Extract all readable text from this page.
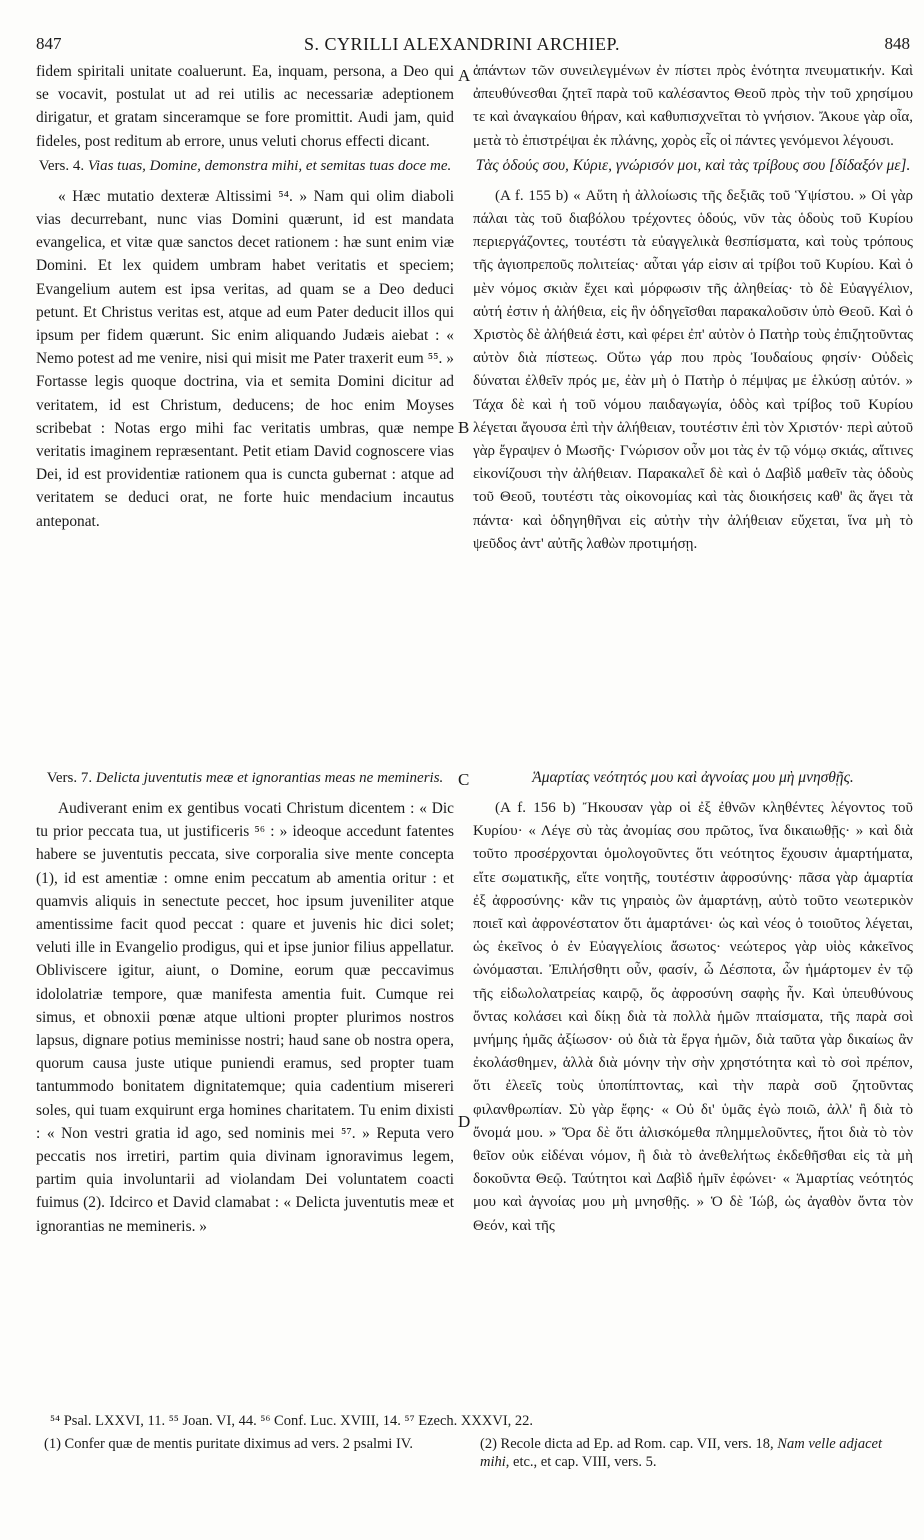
847	S. CYRILLI ALEXANDRINI ARCHIEP.	848

fidem spiritali unitate coaluerunt. Ea, inquam, persona, a Deo qui se vocavit, postulat ut ad rei utilis ac necessariæ adeptionem dirigatur, et gratam sinceramque se fore promittit. Audi jam, quid fideles, post reditum ab errore, unus veluti chorus effecti dicant.

Vers. 4. Vias tuas, Domine, demonstra mihi, et semitas tuas doce me.

« Hæc mutatio dexteræ Altissimi ⁵⁴. » Nam qui olim diaboli vias decurrebant, nunc vias Domini quærunt, id est mandata evangelica, et vitæ quæ sanctos decet rationem : hæ sunt enim viæ Domini. Et lex quidem umbram habet veritatis et speciem; Evangelium autem est ipsa veritas, ad quam se a Deo deduci petunt. Et Christus veritas est, atque ad eum Pater deducit illos qui ipsum per fidem quærunt. Sic enim aliquando Judæis aiebat : « Nemo potest ad me venire, nisi qui misit me Pater traxerit eum ⁵⁵. » Fortasse legis quoque doctrina, via et semita Domini dicitur ad veritatem, id est Christum, deducens; de hoc enim Moyses scribebat : Notas ergo mihi fac veritatis umbras, quæ nempe veritatis imaginem repræsentant. Petit etiam David cognoscere vias Dei, id est providentiæ rationem qua is cuncta gubernat : atque ad veritatem se deduci orat, ne forte huic mendacium incautus anteponat.

ἁπάντων τῶν συνειλεγμένων ἐν πίστει πρὸς ἑνότητα πνευματικήν. Καὶ ἀπευθύνεσθαι ζητεῖ παρὰ τοῦ καλέσαντος Θεοῦ πρὸς τὴν τοῦ χρησίμου τε καὶ ἀναγκαίου θήραν, καὶ καθυπισχνεῖται τὸ γνήσιον. Ἄκουε γὰρ οἷα, μετὰ τὸ ἐπιστρέψαι ἐκ πλάνης, χορὸς εἷς οἱ πάντες γενόμενοι λέγουσι.

Τὰς ὁδούς σου, Κύριε, γνώρισόν μοι, καὶ τὰς τρίβους σου [δίδαξόν με].

(A f. 155 b) « Αὕτη ἡ ἀλλοίωσις τῆς δεξιᾶς τοῦ Ὑψίστου. » Οἱ γὰρ πάλαι τὰς τοῦ διαβόλου τρέχοντες ὁδούς, νῦν τὰς ὁδοὺς τοῦ Κυρίου περιεργάζοντες, τουτέστι τὰ εὐαγγελικὰ θεσπίσματα, καὶ τοὺς τρόπους τῆς ἁγιοπρεποῦς πολιτείας· αὗται γάρ εἰσιν αἱ τρίβοι τοῦ Κυρίου. Καὶ ὁ μὲν νόμος σκιὰν ἔχει καὶ μόρφωσιν τῆς ἀληθείας· τὸ δὲ Εὐαγγέλιον, αὐτή ἐστιν ἡ ἀλήθεια, εἰς ἣν ὁδηγεῖσθαι παρακαλοῦσιν ὑπὸ Θεοῦ. Καὶ ὁ Χριστὸς δὲ ἀλήθειά ἐστι, καὶ φέρει ἐπ' αὐτὸν ὁ Πατὴρ τοὺς ἐπιζητοῦντας αὐτὸν διὰ πίστεως. Οὕτω γάρ που πρὸς Ἰουδαίους φησίν· Οὐδεὶς δύναται ἐλθεῖν πρός με, ἐὰν μὴ ὁ Πατὴρ ὁ πέμψας με ἑλκύσῃ αὐτόν. » Τάχα δὲ καὶ ἡ τοῦ νόμου παιδαγωγία, ὁδὸς καὶ τρίβος τοῦ Κυρίου λέγεται ἄγουσα ἐπὶ τὴν ἀλήθειαν, τουτέστιν ἐπὶ τὸν Χριστόν· περὶ αὐτοῦ γὰρ ἔγραψεν ὁ Μωσῆς· Γνώρισον οὖν μοι τὰς ἐν τῷ νόμῳ σκιάς, αἵτινες εἰκονίζουσι τὴν ἀλήθειαν. Παρακαλεῖ δὲ καὶ ὁ Δαβὶδ μαθεῖν τὰς ὁδοὺς τοῦ Θεοῦ, τουτέστι τὰς οἰκονομίας καὶ τὰς διοικήσεις καθ' ἃς ἄγει τὰ πάντα· καὶ ὁδηγηθῆναι εἰς αὐτὴν τὴν ἀλήθειαν εὔχεται, ἵνα μὴ τὸ ψεῦδος ἀντ' αὐτῆς λαθὼν προτιμήσῃ.

Vers. 7. Delicta juventutis meæ et ignorantias meas ne memineris.

Audiverant enim ex gentibus vocati Christum dicentem : « Dic tu prior peccata tua, ut justificeris ⁵⁶ : » ideoque accedunt fatentes habere se juventutis peccata, sive corporalia sive mente concepta (1), id est amentiæ : omne enim peccatum ab amentia oritur : et quamvis aliquis in senectute peccet, hoc ipsum juveniliter atque amentissime facit quod peccat : quare et juvenis hic dici solet; veluti ille in Evangelio prodigus, qui et ipse junior filius appellatur. Obliviscere igitur, aiunt, o Domine, eorum quæ peccavimus idololatriæ tempore, quæ manifesta amentia fuit. Cumque rei simus, et obnoxii pœnæ atque ultioni propter plurimos nostros lapsus, dignare potius meminisse nostri; haud sane ob nostra opera, quorum causa juste utique puniendi eramus, sed propter tuam tantummodo bonitatem dignitatemque; quia cadentium misereri soles, qui tuam exquirunt erga homines charitatem. Tu enim dixisti : « Non vestri gratia id ago, sed nominis mei ⁵⁷. » Reputa vero peccatis nos irretiri, partim quia divinam ignoravimus legem, partim quia involuntarii ad violandam Dei voluntatem coacti fuimus (2). Idcirco et David clamabat : « Delicta juventutis meæ et ignorantias ne memineris. »

Ἁμαρτίας νεότητός μου καὶ ἀγνοίας μου μὴ μνησθῇς.

(A f. 156 b) Ἤκουσαν γὰρ οἱ ἐξ ἐθνῶν κληθέντες λέγοντος τοῦ Κυρίου· « Λέγε σὺ τὰς ἀνομίας σου πρῶτος, ἵνα δικαιωθῇς· » καὶ διὰ τοῦτο προσέρχονται ὁμολογοῦντες ὅτι νεότητος ἔχουσιν ἁμαρτήματα, εἴτε σωματικῆς, εἴτε νοητῆς, τουτέστιν ἀφροσύνης· πᾶσα γὰρ ἁμαρτία ἐξ ἀφροσύνης· κἂν τις γηραιὸς ὢν ἁμαρτάνῃ, αὐτὸ τοῦτο νεωτερικὸν ποιεῖ καὶ ἀφρονέστατον ὅτι ἁμαρτάνει· ὡς καὶ νέος ὁ τοιοῦτος λέγεται, ὡς ἐκεῖνος ὁ ἐν Εὐαγγελίοις ἄσωτος· νεώτερος γὰρ υἱὸς κἀκεῖνος ὠνόμασται. Ἐπιλήσθητι οὖν, φασίν, ὦ Δέσποτα, ὧν ἡμάρτομεν ἐν τῷ τῆς εἰδωλολατρείας καιρῷ, ὅς ἀφροσύνη σαφὴς ἦν. Καὶ ὑπευθύνους ὄντας κολάσει καὶ δίκῃ διὰ τὰ πολλὰ ἡμῶν πταίσματα, τῆς παρὰ σοὶ μνήμης ἡμᾶς ἀξίωσον· οὐ διὰ τὰ ἔργα ἡμῶν, διὰ ταῦτα γὰρ δικαίως ἂν ἐκολάσθημεν, ἀλλὰ διὰ μόνην τὴν σὴν χρηστότητα καὶ τὸ σοὶ πρέπον, ὅτι ἐλεεῖς τοὺς ὑποπίπτοντας, καὶ τὴν παρὰ σοῦ ζητοῦντας φιλανθρωπίαν. Σὺ γὰρ ἔφης· « Οὐ δι' ὑμᾶς ἐγὼ ποιῶ, ἀλλ' ἢ διὰ τὸ ὄνομά μου. » Ὅρα δὲ ὅτι ἁλισκόμεθα πλημμελοῦντες, ἤτοι διὰ τὸ τὸν θεῖον οὐκ εἰδέναι νόμον, ἢ διὰ τὸ ἀνεθελήτως ἐκδεθῆσθαι εἰς τὰ μὴ δοκοῦντα Θεῷ. Ταύτητοι καὶ Δαβὶδ ἡμῖν ἐφώνει· « Ἁμαρτίας νεότητός μου καὶ ἀγνοίας μου μὴ μνησθῇς. » Ὁ δὲ Ἰώβ, ὡς ἀγαθὸν ὄντα τὸν Θεόν, καὶ τῆς

A
B
C
D
⁵⁴ Psal. LXXVI, 11. ⁵⁵ Joan. VI, 44. ⁵⁶ Conf. Luc. XVIII, 14. ⁵⁷ Ezech. XXXVI, 22.
(1) Confer quæ de mentis puritate diximus ad vers. 2 psalmi IV.	(2) Recole dicta ad Ep. ad Rom. cap. VII, vers. 18, Nam velle adjacet mihi, etc., et cap. VIII, vers. 5.
